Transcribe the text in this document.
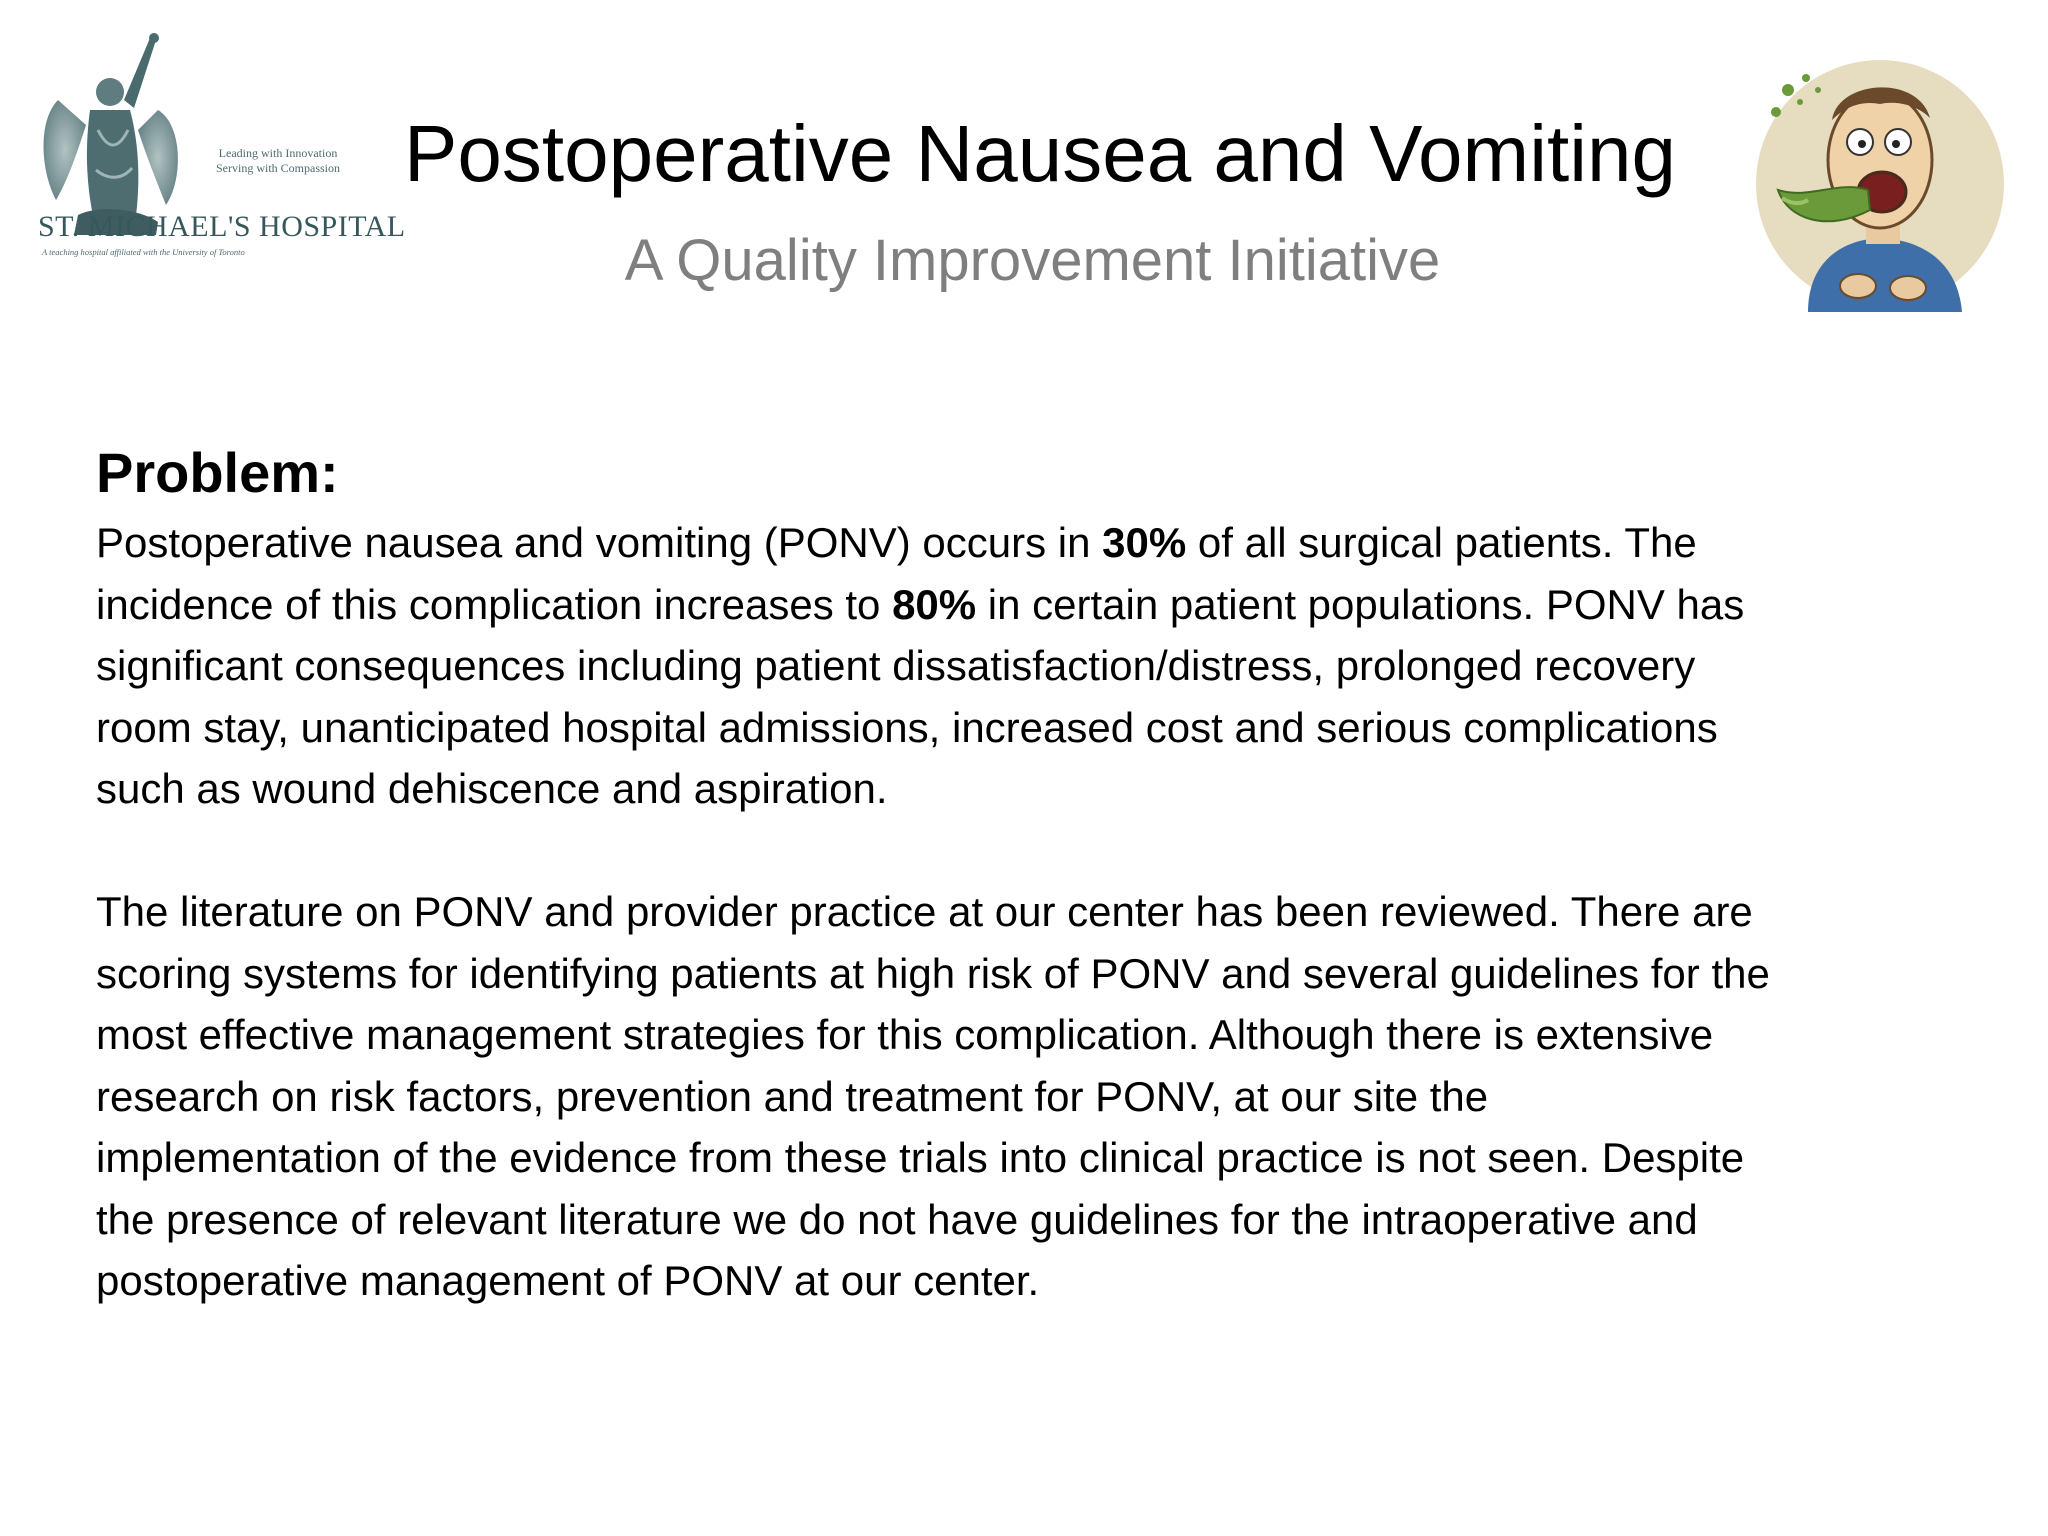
Leading with Innovation
Serving with Compassion
ST. MICHAEL'S HOSPITAL
A teaching hospital affiliated with the University of Toronto
Postoperative Nausea and Vomiting
A Quality Improvement Initiative
Problem:

Postoperative nausea and vomiting (PONV) occurs in 30% of all surgical patients. The
incidence of this complication increases to 80% in certain patient populations. PONV has
significant consequences including patient dissatisfaction/distress, prolonged recovery
room stay, unanticipated hospital admissions, increased cost and serious complications
such as wound dehiscence and aspiration.

The literature on PONV and provider practice at our center has been reviewed. There are
scoring systems for identifying patients at high risk of PONV and several guidelines for the
most effective management strategies for this complication. Although there is extensive
research on risk factors, prevention and treatment for PONV, at our site the
implementation of the evidence from these trials into clinical practice is not seen. Despite
the presence of relevant literature we do not have guidelines for the intraoperative and
postoperative management of PONV at our center.
